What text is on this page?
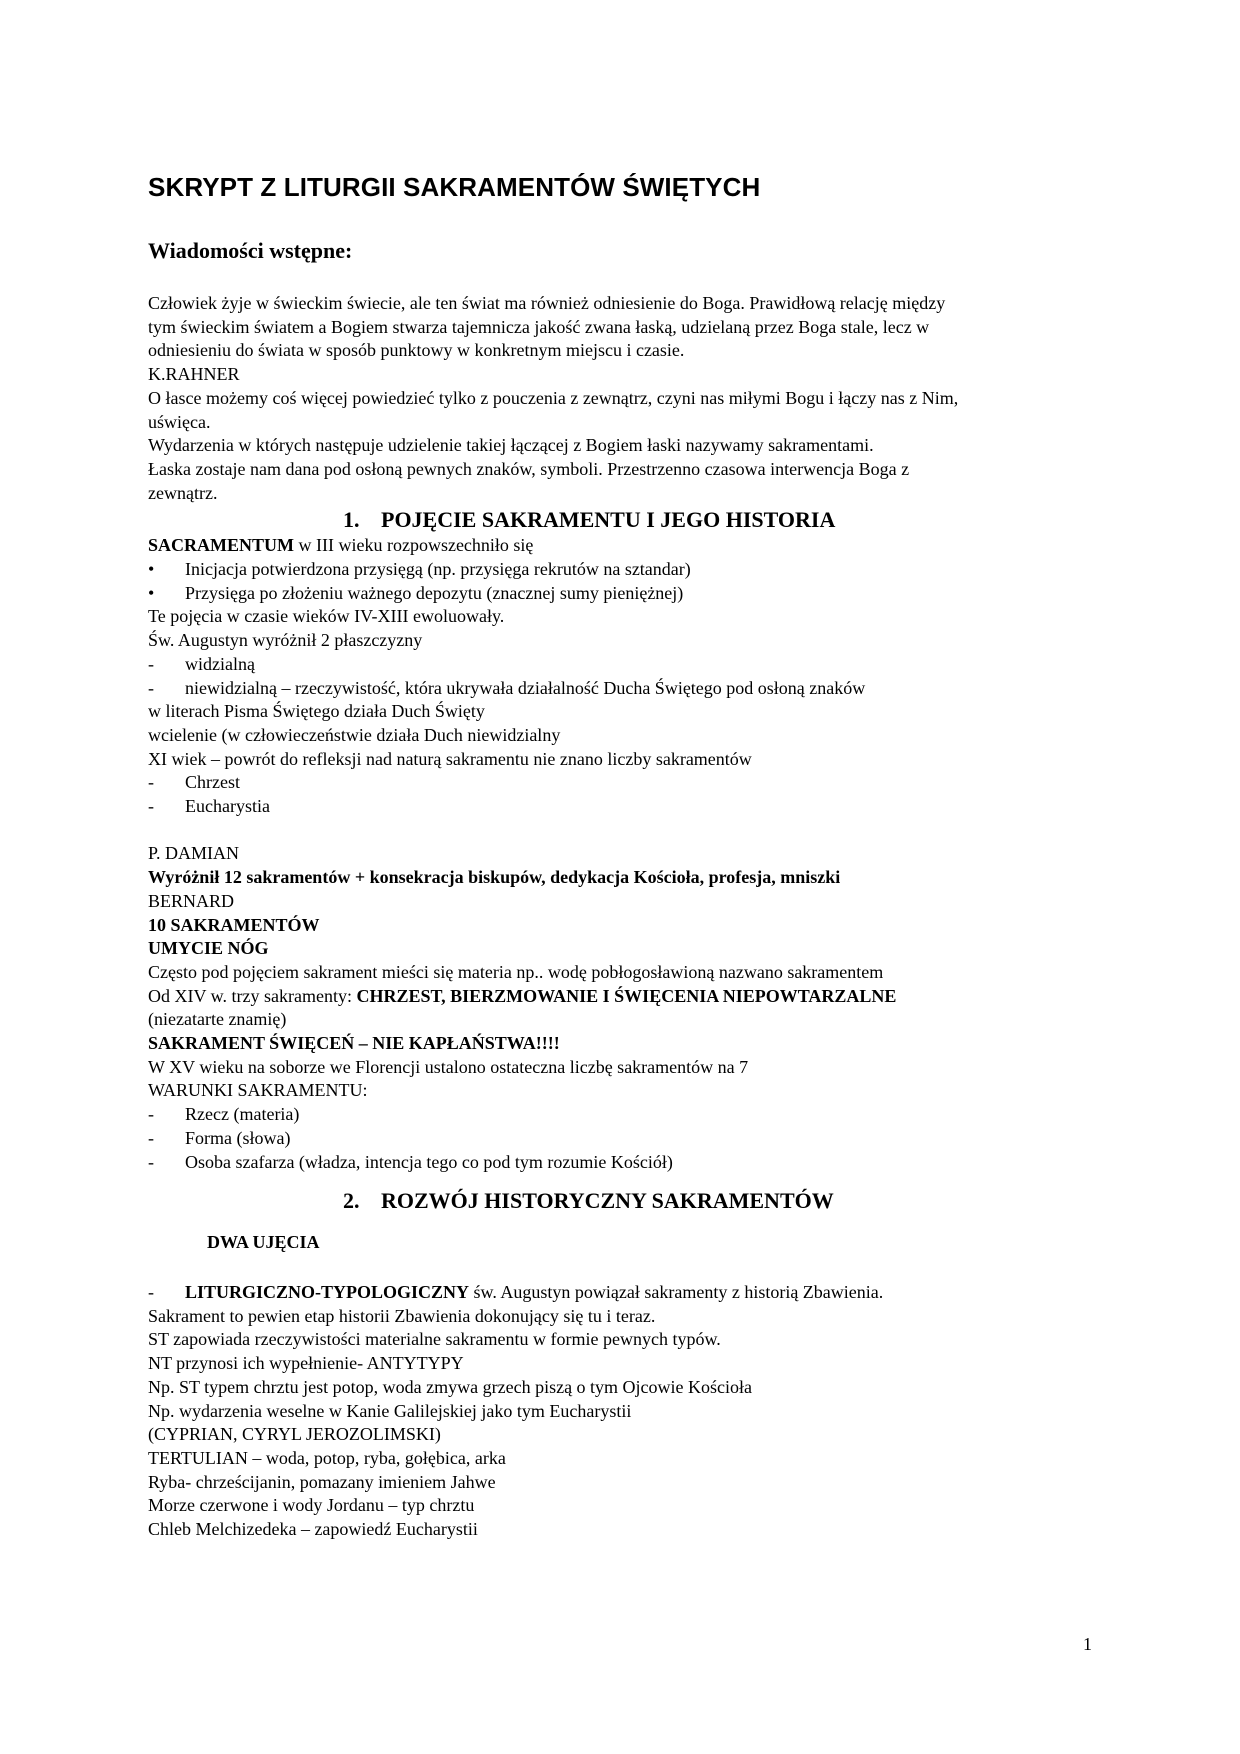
SKRYPT Z LITURGII SAKRAMENTÓW ŚWIĘTYCH
Wiadomości wstępne:

Człowiek żyje w świeckim świecie, ale ten świat ma również odniesienie do Boga. Prawidłową relację między

tym świeckim światem a Bogiem stwarza tajemnicza jakość zwana łaską, udzielaną przez Boga stale, lecz w

odniesieniu do świata w sposób punktowy w konkretnym miejscu i czasie.

K.RAHNER

O łasce możemy coś więcej powiedzieć tylko z pouczenia z zewnątrz, czyni nas miłymi Bogu i łączy nas z Nim,

uświęca.

Wydarzenia w których następuje udzielenie takiej łączącej z Bogiem łaski nazywamy sakramentami.

Łaska zostaje nam dana pod osłoną pewnych znaków, symboli. Przestrzenno czasowa interwencja Boga z

zewnątrz.

1. POJĘCIE SAKRAMENTU I JEGO HISTORIA

SACRAMENTUM w III wieku rozpowszechniło się

•	Inicjacja potwierdzona przysięgą (np. przysięga rekrutów na sztandar)
•	Przysięga po złożeniu ważnego depozytu (znacznej sumy pieniężnej)

Te pojęcia w czasie wieków IV-XIII ewoluowały.

Św. Augustyn wyróżnił 2 płaszczyzny

-	widzialną
-	niewidzialną – rzeczywistość, która ukrywała działalność Ducha Świętego pod osłoną znaków

w literach Pisma Świętego działa Duch Święty

wcielenie (w człowieczeństwie działa Duch niewidzialny

XI wiek – powrót do refleksji nad naturą sakramentu nie znano liczby sakramentów

-	Chrzest
-	Eucharystia

P. DAMIAN

Wyróżnił 12 sakramentów + konsekracja biskupów, dedykacja Kościoła, profesja, mniszki

BERNARD

10 SAKRAMENTÓW

UMYCIE NÓG

Często pod pojęciem sakrament mieści się materia np.. wodę pobłogosławioną nazwano sakramentem

Od XIV w. trzy sakramenty: CHRZEST, BIERZMOWANIE I ŚWIĘCENIA NIEPOWTARZALNE

(niezatarte znamię)

SAKRAMENT ŚWIĘCEŃ – NIE KAPŁAŃSTWA!!!!

W XV wieku na soborze we Florencji ustalono ostateczna liczbę sakramentów na 7

WARUNKI SAKRAMENTU:

-	Rzecz (materia)
-	Forma (słowa)
-	Osoba szafarza (władza, intencja tego co pod tym rozumie Kościół)
2. ROZWÓJ HISTORYCZNY SAKRAMENTÓW
DWA UJĘCIA
-	LITURGICZNO-TYPOLOGICZNY św. Augustyn powiązał sakramenty z historią Zbawienia.

Sakrament to pewien etap historii Zbawienia dokonujący się tu i teraz.

ST zapowiada rzeczywistości materialne sakramentu w formie pewnych typów.

NT przynosi ich wypełnienie- ANTYTYPY

Np. ST typem chrztu jest potop, woda zmywa grzech piszą o tym Ojcowie Kościoła

Np. wydarzenia weselne w Kanie Galilejskiej jako tym Eucharystii

(CYPRIAN, CYRYL JEROZOLIMSKI)

TERTULIAN – woda, potop, ryba, gołębica, arka

Ryba- chrześcijanin, pomazany imieniem Jahwe

Morze czerwone i wody Jordanu – typ chrztu

Chleb Melchizedeka – zapowiedź Eucharystii

1
